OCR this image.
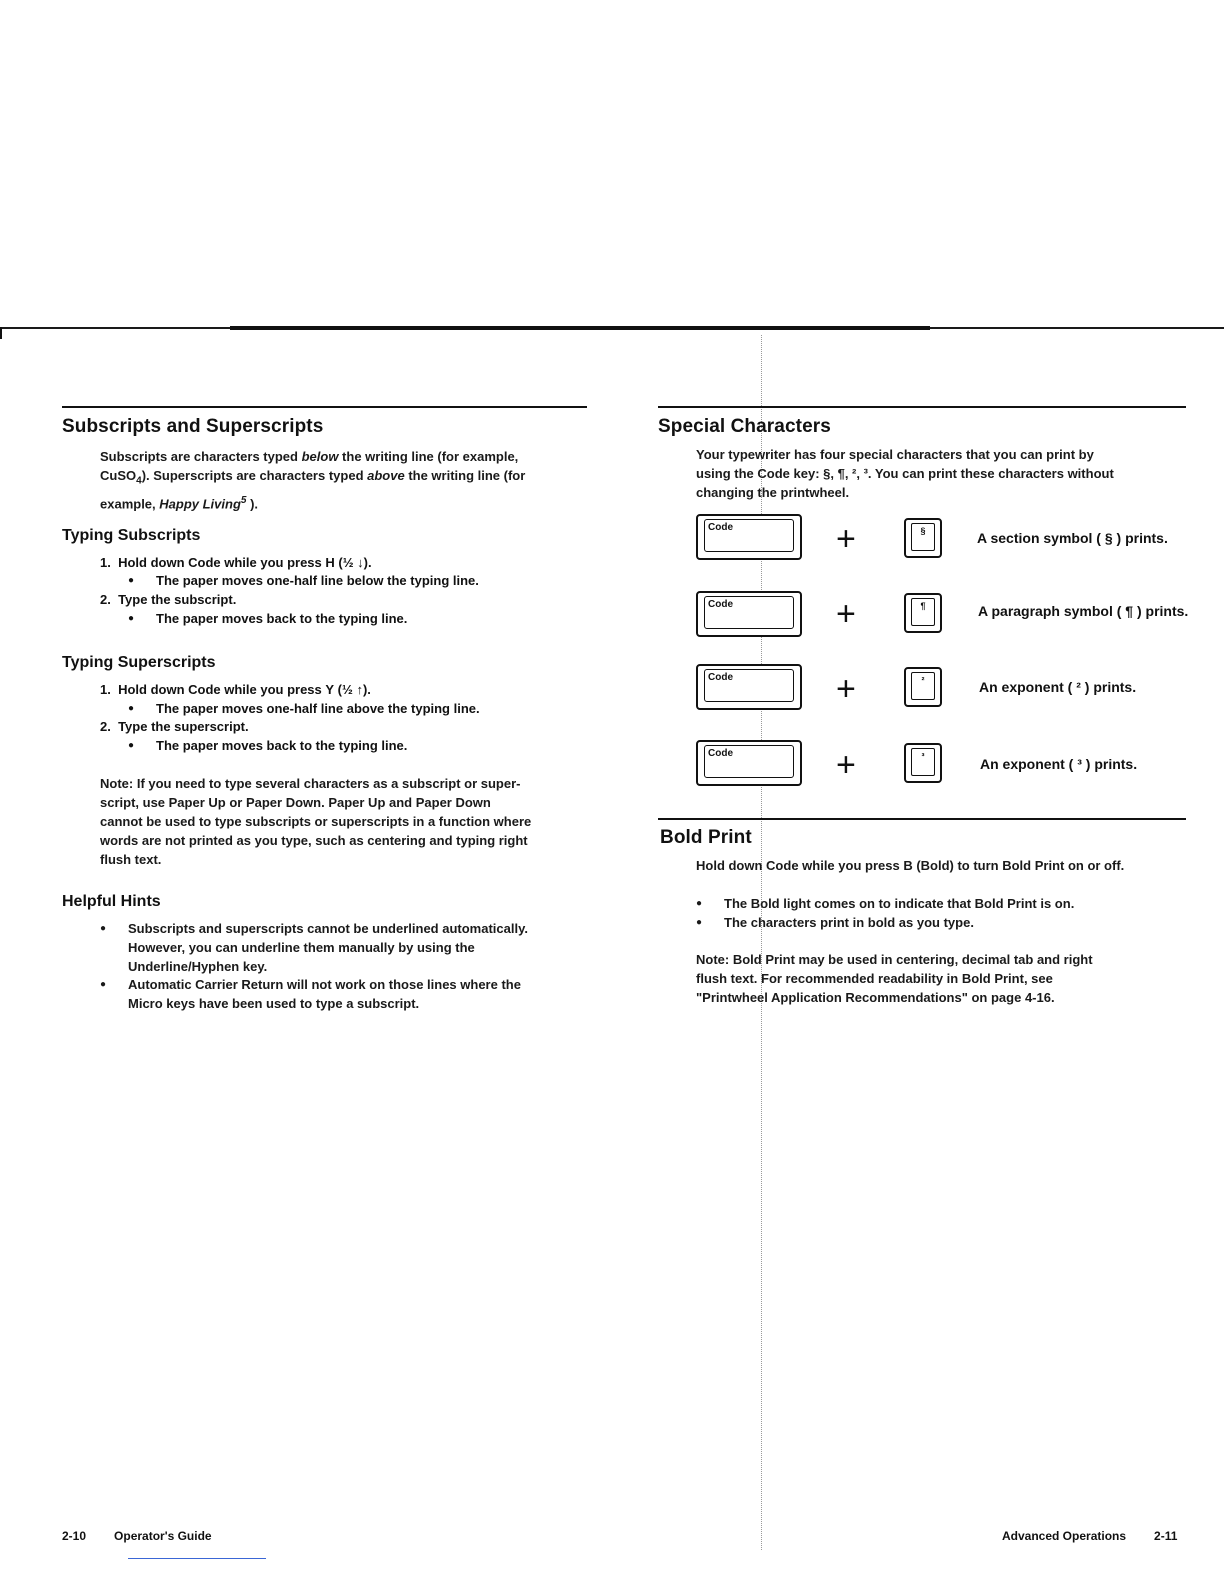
Subscripts and Superscripts

Subscripts are characters typed below the writing line (for example,

CuSO$_4$). Superscripts are characters typed above the writing line (for

example, Happy Living$^5$ ).

Typing Subscripts
1. Hold down Code while you press H (½ ↓).
● The paper moves one-half line below the typing line.
2. Type the subscript.
● The paper moves back to the typing line.
Typing Superscripts
1. Hold down Code while you press Y (½ ↑).
● The paper moves one-half line above the typing line.
2. Type the superscript.
● The paper moves back to the typing line.

Note: If you need to type several characters as a subscript or super-

script, use Paper Up or Paper Down. Paper Up and Paper Down

cannot be used to type subscripts or superscripts in a function where

words are not printed as you type, such as centering and typing right

flush text.

Helpful Hints

● Subscripts and superscripts cannot be underlined automatically.

However, you can underline them manually by using the

Underline/Hyphen key.

● Automatic Carrier Return will not work on those lines where the

Micro keys have been used to type a subscript.

2-10 Operator's Guide
Special Characters

Your typewriter has four special characters that you can print by

using the Code key: §, ¶, ², ³. You can print these characters without

changing the printwheel.

Code	+	§	A section symbol ( § ) prints.
Code	+	¶	A paragraph symbol ( ¶ ) prints.
Code	+	²	An exponent ( ² ) prints.
Code	+	³	An exponent ( ³ ) prints.
Bold Print

Hold down Code while you press B (Bold) to turn Bold Print on or off.

● The Bold light comes on to indicate that Bold Print is on.

● The characters print in bold as you type.

Note: Bold Print may be used in centering, decimal tab and right

flush text. For recommended readability in Bold Print, see

"Printwheel Application Recommendations" on page 4-16.

Advanced Operations 2-11
